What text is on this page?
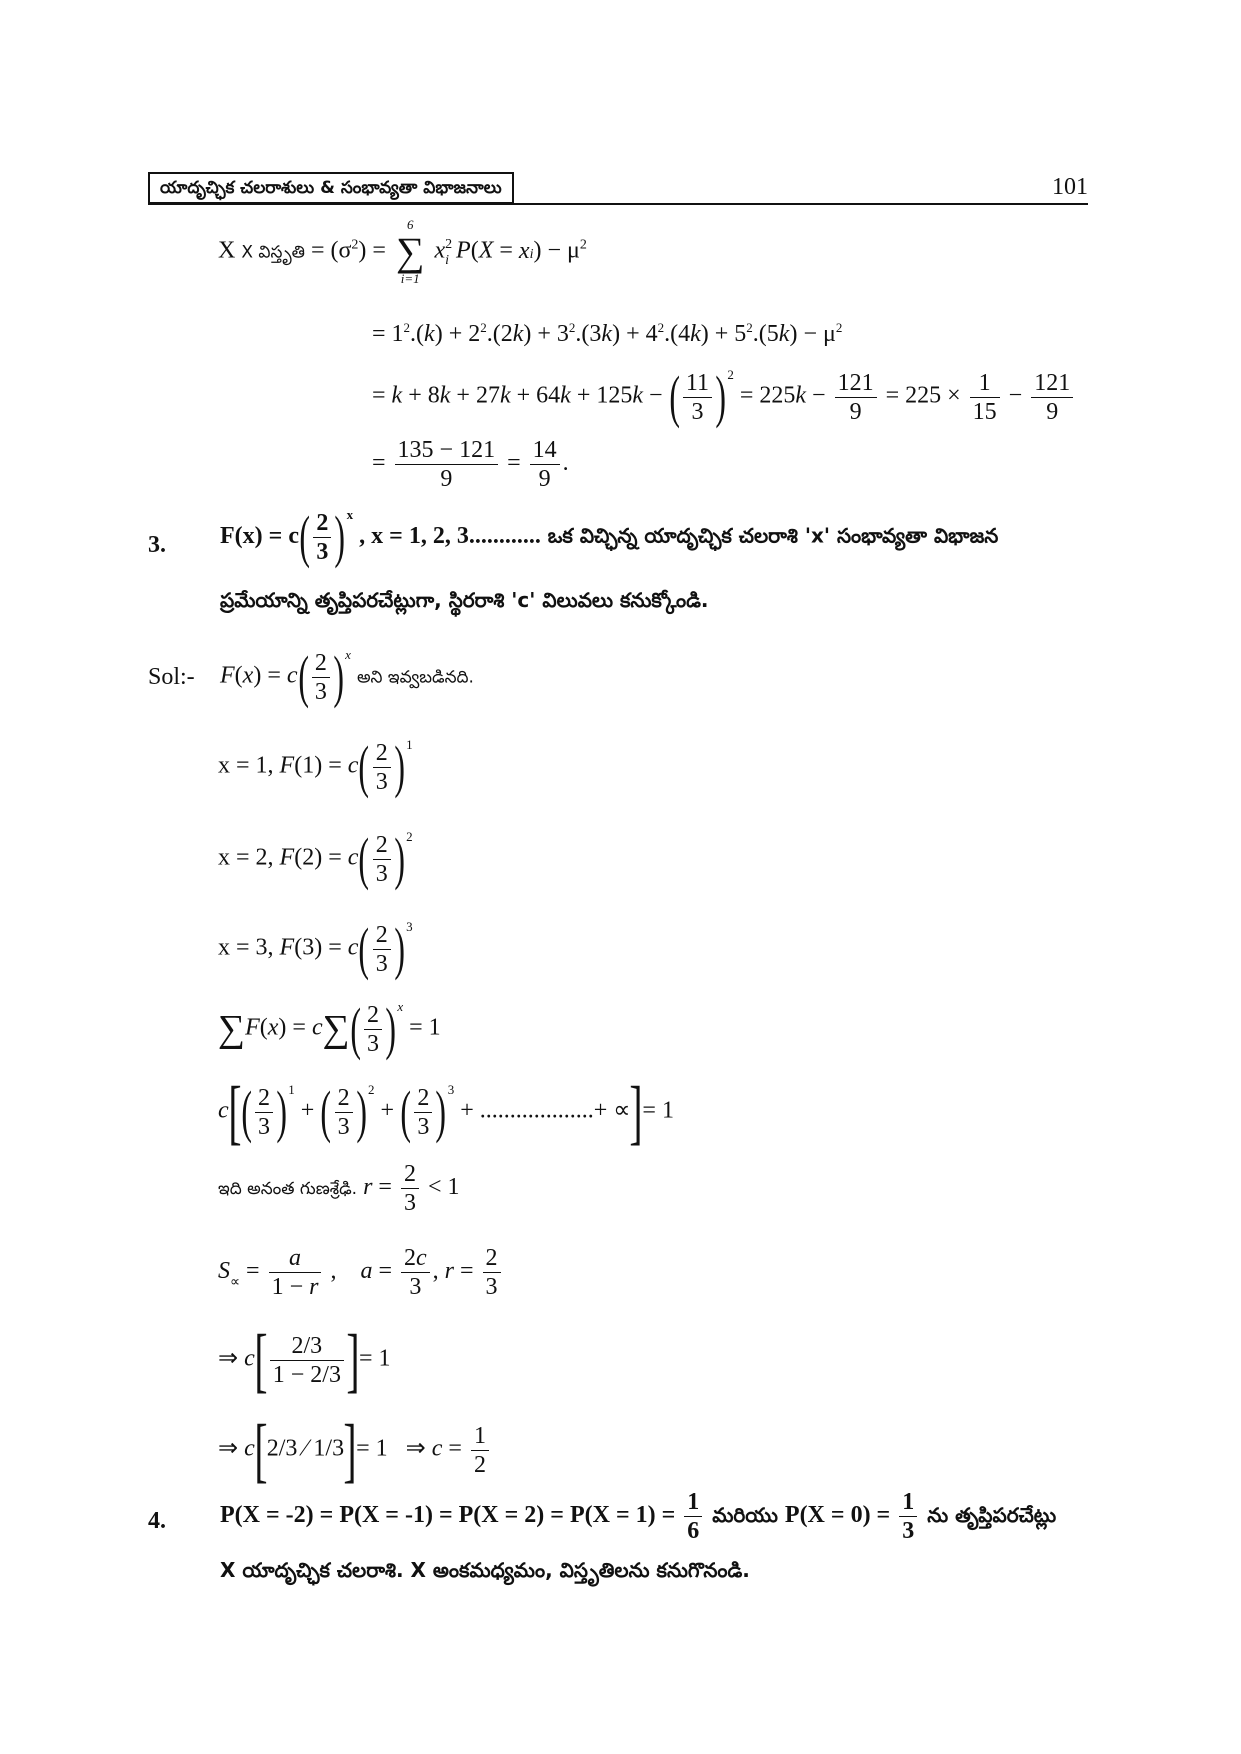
యాదృచ్ఛిక చలరాశులు & సంభావ్యతా విభాజనాలు	101
X X విస్తృతి = $(\sigma^2)$ =
6
∑
i=1
$x^2_i$ $P(X = xi) - \mu^2$
= $1^2.(k) + 2^2.(2k) + 3^2.(3k) + 4^2.(4k) + 5^2.(5k) - \mu^2$
= k + 8k + 27k + 64k + 125k − ( $\frac{11}{3} )^2 = 225k - \frac{121}{9} = 225 \times \frac{1}{15} - \frac{121}{9}$
= $\frac{135 - 121}{9} = \frac{14}{9}$ .
3. $F(x) = c( \frac{2}{3} )^x$ , x = 1, 2, 3............ ఒక విచ్ఛిన్న యాదృచ్ఛిక చలరాశి 'x' సంభావ్యతా విభాజన
ప్రమేయాన్ని తృప్తిపరచేట్లుగా, స్థిరరాశి 'c' విలువలు కనుక్కోండి.
Sol:- $F(x) = c( \frac{2}{3} )^x$ అని ఇవ్వబడినది.
x = 1, $F(1) = c( \frac{2}{3} )^1$
x = 2, $F(2) = c( \frac{2}{3} )^2$
x = 3, $F(3) = c( \frac{2}{3} )^3$
$\sum F(x) = c\sum( \frac{2}{3} )^x = 1$
$c[( \frac{2}{3} )^1$ + ( $\frac{2}{3} )^2$ + ( $\frac{2}{3} )^3$ + ...................+ ∝]= 1
ఇది అనంత గుణశ్రేఢి. $r = \frac{2}{3} < 1$
$S_\propto = \frac{a}{1 - r}$ ,    $a = \frac{2c}{3}$ , $r = \frac{2}{3}$
⇒ $c[ \frac{2/3}{1 - 2/3}$ ]= 1
⇒ c[2/3 ⁄ 1/3]= 1   ⇒ $c = \frac{1}{2}$
4. $P(X = -2) = P(X = -1) = P(X = 2) = P(X = 1) = \frac{1}{6}$ మరియు $P(X = 0) = \frac{1}{3}$ ను తృప్తిపరచేట్లు
X యాదృచ్ఛిక చలరాశి. X అంకమధ్యమం, విస్తృతిలను కనుగొనండి.
